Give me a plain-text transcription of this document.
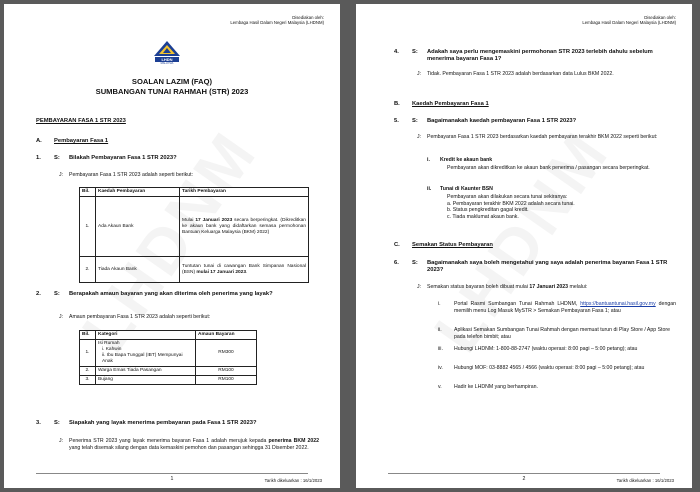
Disediakan oleh:
Lembaga Hasil Dalam Negeri Malaysia (LHDNM)
LHDN
MALAYSIA
SOALAN LAZIM (FAQ)
SUMBANGAN TUNAI RAHMAH (STR) 2023
PEMBAYARAN FASA 1 STR 2023
A. Pembayaran Fasa 1
1. S: Bilakah Pembayaran Fasa 1 STR 2023?
J: Pembayaran Fasa 1 STR 2023 adalah seperti berikut:
Bil.	Kaedah Pembayaran	Tarikh Pembayaran
1.	Ada Akaun Bank	Mulai 17 Januari 2023 secara berperingkat. (Dikreditkan ke akaun bank yang didaftarkan semasa permohonan Bantuan Keluarga Malaysia (BKM) 2022)
2.	Tiada Akaun Bank	Tuntutan tunai di cawangan Bank Simpanan Nasional (BSN) mulai 17 Januari 2023.
2. S: Berapakah amaun bayaran yang akan diterima oleh penerima yang layak?
J: Amaun pembayaran Fasa 1 STR 2023 adalah seperti berikut:
Bil.	Kategori	Amaun Bayaran
1.	Isi Rumah
i. Kahwin
ii. Ibu Bapa Tunggal (IBT) Mempunyai Anak	RM300
2.	Warga Emas Tiada Pasangan	RM100
3.	Bujang	RM100
3. S: Siapakah yang layak menerima pembayaran pada Fasa 1 STR 2023?
J: Penerima STR 2023 yang layak menerima bayaran Fasa 1 adalah merujuk kepada penerima BKM 2022 yang telah disemak silang dengan data kemaskini pemohon dan pasangan sehingga 31 Disember 2022.
1	Tarikh dikeluarkan : 16/1/2023
Disediakan oleh:
Lembaga Hasil Dalam Negeri Malaysia (LHDNM)
4. S: Adakah saya perlu mengemaskini permohonan STR 2023 terlebih dahulu sebelum menerima bayaran Fasa 1?
J: Tidak. Pembayaran Fasa 1 STR 2023 adalah berdasarkan data Lulus BKM 2022.
B. Kaedah Pembayaran Fasa 1
5. S: Bagaimanakah kaedah pembayaran Fasa 1 STR 2023?
J: Pembayaran Fasa 1 STR 2023 berdasarkan kaedah pembayaran terakhir BKM 2022 seperti berikut:
i. Kredit ke akaun bank
Pembayaran akan dikreditkan ke akaun bank penerima / pasangan secara berperingkat.
ii. Tunai di Kaunter BSN
Pembayaran akan dilakukan secara tunai sekiranya:
a. Pembayaran terakhir BKM 2022 adalah secara tunai.
b. Status pengkreditan gagal kredit.
c. Tiada maklumat akaun bank.
C. Semakan Status Pembayaran
6. S: Bagaimanakah saya boleh mengetahui yang saya adalah penerima bayaran Fasa 1 STR 2023?
J: Semakan status bayaran boleh dibuat mulai 17 Januari 2023 melalui:
i.	Portal Rasmi Sumbangan Tunai Rahmah LHDNM, https://bantuantunai.hasil.gov.my dengan memilih menu Log Masuk MySTR > Semakan Pembayaran Fasa 1; atau
ii. Aplikasi Semakan Sumbangan Tunai Rahmah dengan memuat turun di Play Store / App Store pada telefon bimbit; atau
iii. Hubungi LHDNM: 1-800-88-2747 (waktu operasi: 8:00 pagi – 5:00 petang); atau
iv. Hubungi MOF: 03-8882 4565 / 4566 (waktu operasi: 8:00 pagi – 5:00 petang); atau
v. Hadir ke LHDNM yang berhampiran.
2	Tarikh dikeluarkan : 16/1/2023
